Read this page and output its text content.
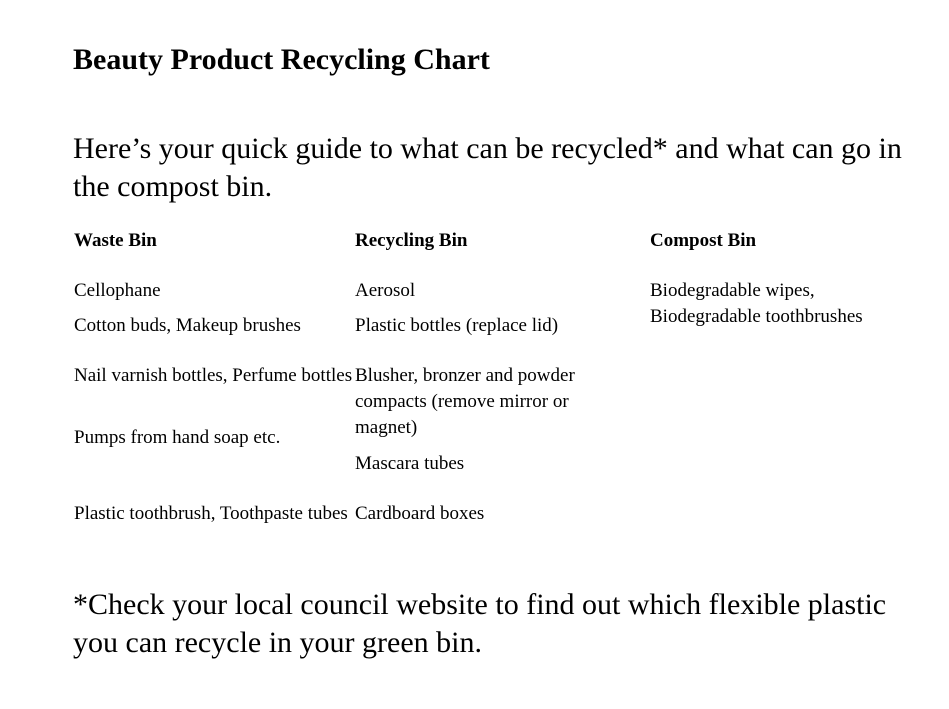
Beauty Product Recycling Chart
Here’s your quick guide to what can be recycled* and what can go in the compost bin.
Waste Bin
Cellophane
Cotton buds, Makeup brushes
Nail varnish bottles, Perfume bottles
Pumps from hand soap etc.
Plastic toothbrush, Toothpaste tubes
Recycling Bin
Aerosol
Plastic bottles (replace lid)
Blusher, bronzer and powder compacts (remove mirror or magnet)
Mascara tubes
Cardboard boxes
Compost Bin
Biodegradable wipes, Biodegradable toothbrushes
*Check your local council website to find out which flexible plastic you can recycle in your green bin.
